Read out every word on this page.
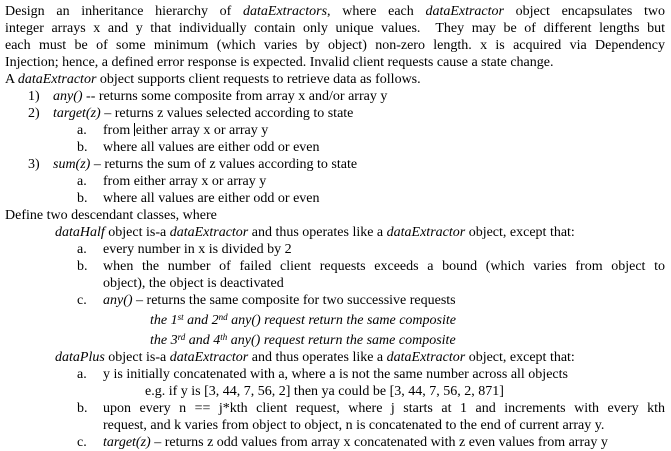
Design an inheritance hierarchy of dataExtractors, where each dataExtractor object encapsulates two
integer arrays x and y that individually contain only unique values.  They may be of different lengths but
each must be of some minimum (which varies by object) non-zero length. x is acquired via Dependency
Injection; hence, a defined error response is expected. Invalid client requests cause a state change.
A dataExtractor object supports client requests to retrieve data as follows.
1) any() -- returns some composite from array x and/or array y
2) target(z) – returns z values selected according to state
a. from either array x or array y
b. where all values are either odd or even
3) sum(z) – returns the sum of z values according to state
a. from either array x or array y
b. where all values are either odd or even
Define two descendant classes, where
dataHalf object is-a dataExtractor and thus operates like a dataExtractor object, except that:
a. every number in x is divided by 2
b. when the number of failed client requests exceeds a bound (which varies from object to
object), the object is deactivated
c. any() – returns the same composite for two successive requests
the 1st and 2nd any() request return the same composite
the 3rd and 4th any() request return the same composite
dataPlus object is-a dataExtractor and thus operates like a dataExtractor object, except that:
a. y is initially concatenated with a, where a is not the same number across all objects
e.g. if y is [3, 44, 7, 56, 2] then ya could be [3, 44, 7, 56, 2, 871]
b. upon every n == j*kth client request, where j starts at 1 and increments with every kth
request, and k varies from object to object, n is concatenated to the end of current array y.
c. target(z) – returns z odd values from array x concatenated with z even values from array y
